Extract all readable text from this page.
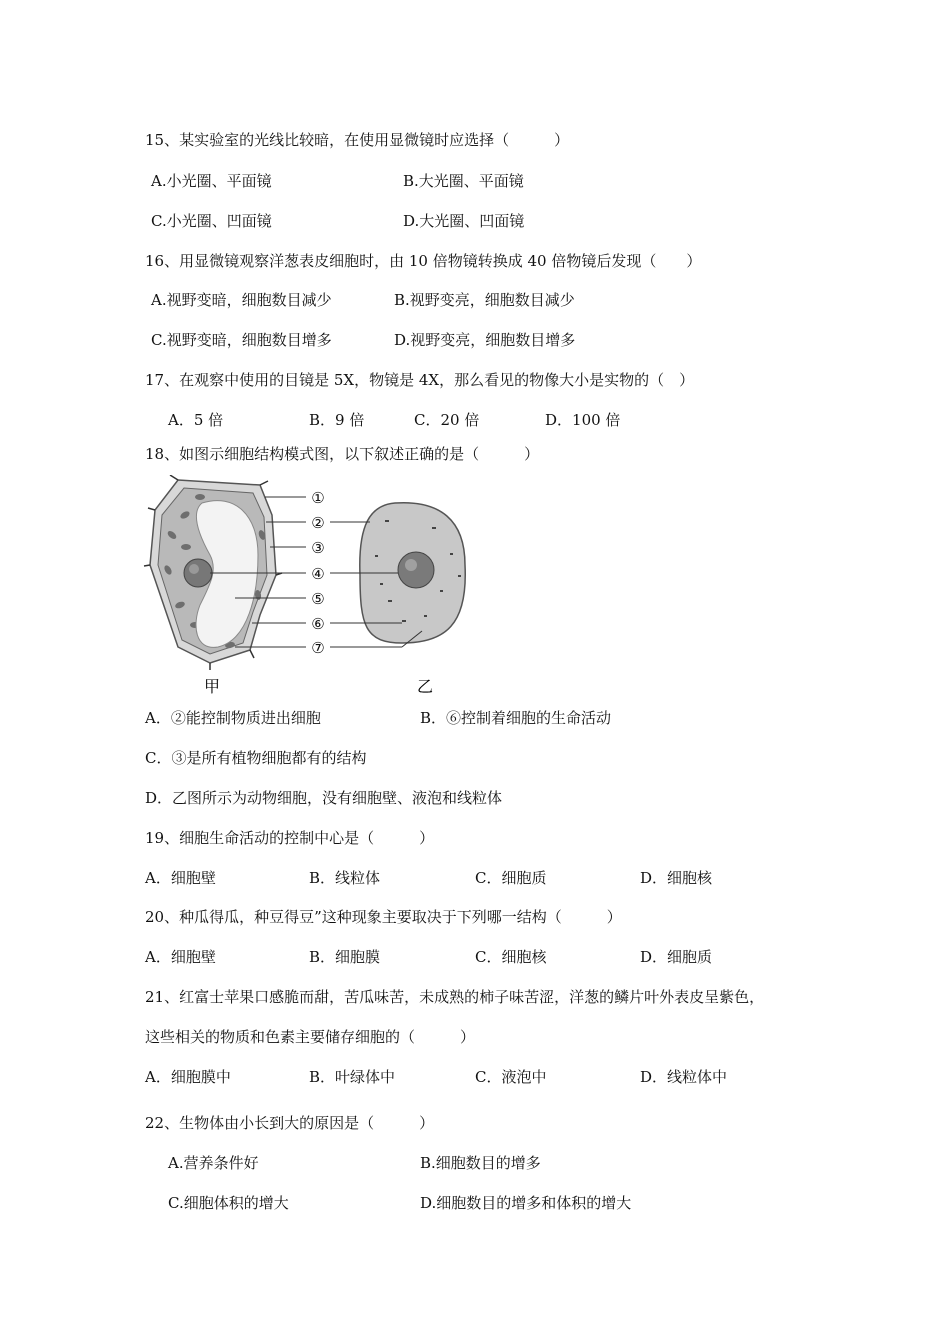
15、某实验室的光线比较暗，在使用显微镜时应选择（　　　）
A.小光圈、平面镜	B.大光圈、平面镜
C.小光圈、凹面镜	D.大光圈、凹面镜
16、用显微镜观察洋葱表皮细胞时，由 10 倍物镜转换成 40 倍物镜后发现（　　）
A.视野变暗，细胞数目减少	B.视野变亮，细胞数目减少
C.视野变暗，细胞数目增多	D.视野变亮，细胞数目增多
17、在观察中使用的目镜是 5X，物镜是 4X，那么看见的物像大小是实物的（　）
A．5 倍	B．9 倍	C．20 倍	D．100 倍
18、如图示细胞结构模式图，以下叙述正确的是（　　　）
①
②
③
④
⑤
⑥
⑦
甲	乙
A．②能控制物质进出细胞	B．⑥控制着细胞的生命活动
C．③是所有植物细胞都有的结构
D．乙图所示为动物细胞，没有细胞壁、液泡和线粒体
19、细胞生命活动的控制中心是（　　　）
A．细胞壁	B．线粒体	C．细胞质	D．细胞核
20、种瓜得瓜，种豆得豆”这种现象主要取决于下列哪一结构（　　　）
A．细胞壁	B．细胞膜	C．细胞核	D．细胞质
21、红富士苹果口感脆而甜，苦瓜味苦，未成熟的柿子味苦涩，洋葱的鳞片叶外表皮呈紫色，
这些相关的物质和色素主要储存细胞的（　　　）
A．细胞膜中	B．叶绿体中	C．液泡中	D．线粒体中
22、生物体由小长到大的原因是（　　　）
A.营养条件好	B.细胞数目的增多
C.细胞体积的增大	D.细胞数目的增多和体积的增大
